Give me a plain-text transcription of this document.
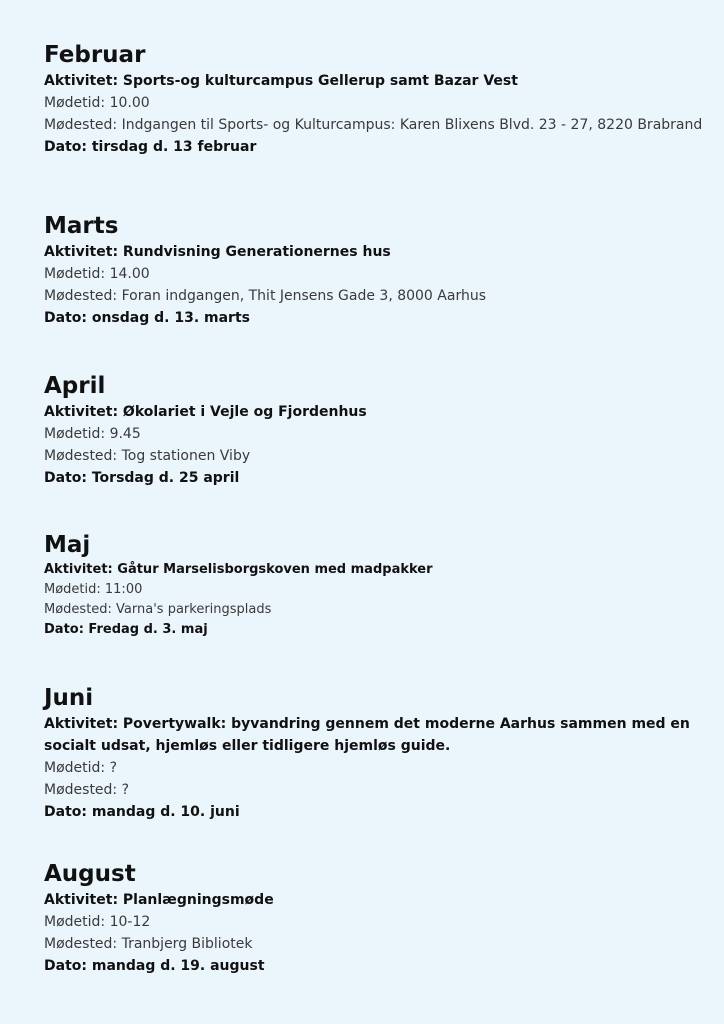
Februar

Aktivitet: Sports-og kulturcampus Gellerup samt Bazar Vest

Mødetid: 10.00

Mødested: Indgangen til Sports- og Kulturcampus: Karen Blixens Blvd. 23 - 27, 8220 Brabrand

Dato: tirsdag d. 13 februar

Marts

Aktivitet: Rundvisning Generationernes hus

Mødetid: 14.00

Mødested: Foran indgangen, Thit Jensens Gade 3, 8000 Aarhus

Dato: onsdag d. 13. marts

April

Aktivitet: Økolariet i Vejle og Fjordenhus

Mødetid: 9.45

Mødested: Tog stationen Viby

Dato: Torsdag d. 25 april

Maj

Aktivitet: Gåtur Marselisborgskoven med madpakker

Mødetid: 11:00

Mødested: Varna's parkeringsplads

Dato: Fredag d. 3. maj

Juni

Aktivitet: Povertywalk: byvandring gennem det moderne Aarhus sammen med en socialt udsat, hjemløs eller tidligere hjemløs guide.

Mødetid: ?

Mødested: ?

Dato: mandag d. 10. juni

August

Aktivitet: Planlægningsmøde

Mødetid: 10-12

Mødested: Tranbjerg Bibliotek

Dato: mandag d. 19. august
